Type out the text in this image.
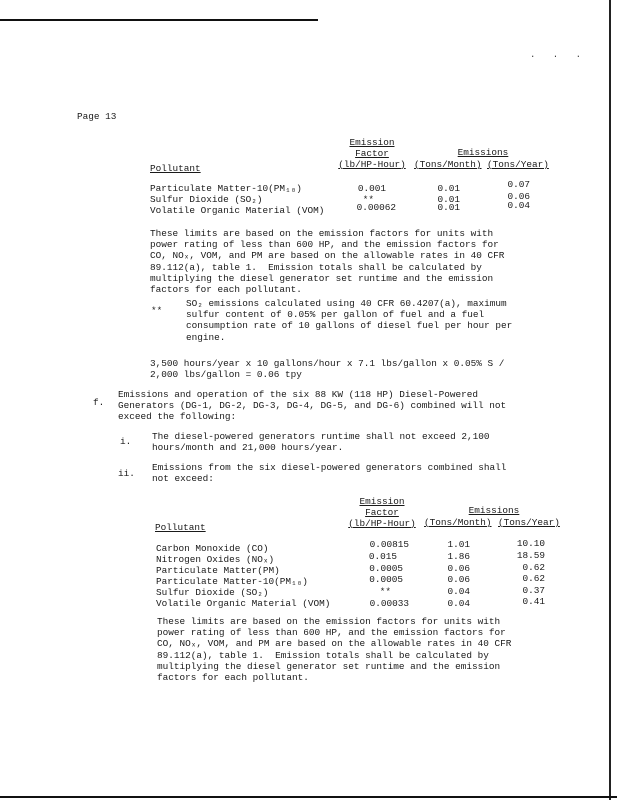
· · ·
Page 13
Emission
Factor
(lb/HP-Hour)
Emissions
Pollutant	(Tons/Month) (Tons/Year)
Particulate Matter-10(PM₁₀)	0.001	0.01	0.07
Sulfur Dioxide (SO₂)	**	0.01	0.06
Volatile Organic Material (VOM)	0.00062	0.01	0.04
These limits are based on the emission factors for units with
power rating of less than 600 HP, and the emission factors for
CO, NOₓ, VOM, and PM are based on the allowable rates in 40 CFR
89.112(a), table 1.  Emission totals shall be calculated by
multiplying the diesel generator set runtime and the emission
factors for each pollutant.
**
SO₂ emissions calculated using 40 CFR 60.4207(a), maximum
sulfur content of 0.05% per gallon of fuel and a fuel
consumption rate of 10 gallons of diesel fuel per hour per
engine.
3,500 hours/year x 10 gallons/hour x 7.1 lbs/gallon x 0.05% S /
2,000 lbs/gallon = 0.06 tpy
f.
Emissions and operation of the six 88 KW (118 HP) Diesel-Powered
Generators (DG-1, DG-2, DG-3, DG-4, DG-5, and DG-6) combined will not
exceed the following:
i. The diesel-powered generators runtime shall not exceed 2,100
hours/month and 21,000 hours/year.
ii.
Emissions from the six diesel-powered generators combined shall
not exceed:
Emission
Factor
(lb/HP-Hour)
Emissions
Pollutant	(Tons/Month) (Tons/Year)
Carbon Monoxide (CO)	0.00815	1.01	10.10
Nitrogen Oxides (NOₓ)	0.015	1.86	18.59
Particulate Matter(PM)	0.0005	0.06	0.62
Particulate Matter-10(PM₁₀)	0.0005	0.06	0.62
Sulfur Dioxide (SO₂)	**	0.04	0.37
Volatile Organic Material (VOM)	0.00033	0.04	0.41
These limits are based on the emission factors for units with
power rating of less than 600 HP, and the emission factors for
CO, NOₓ, VOM, and PM are based on the allowable rates in 40 CFR
89.112(a), table 1.  Emission totals shall be calculated by
multiplying the diesel generator set runtime and the emission
factors for each pollutant.
